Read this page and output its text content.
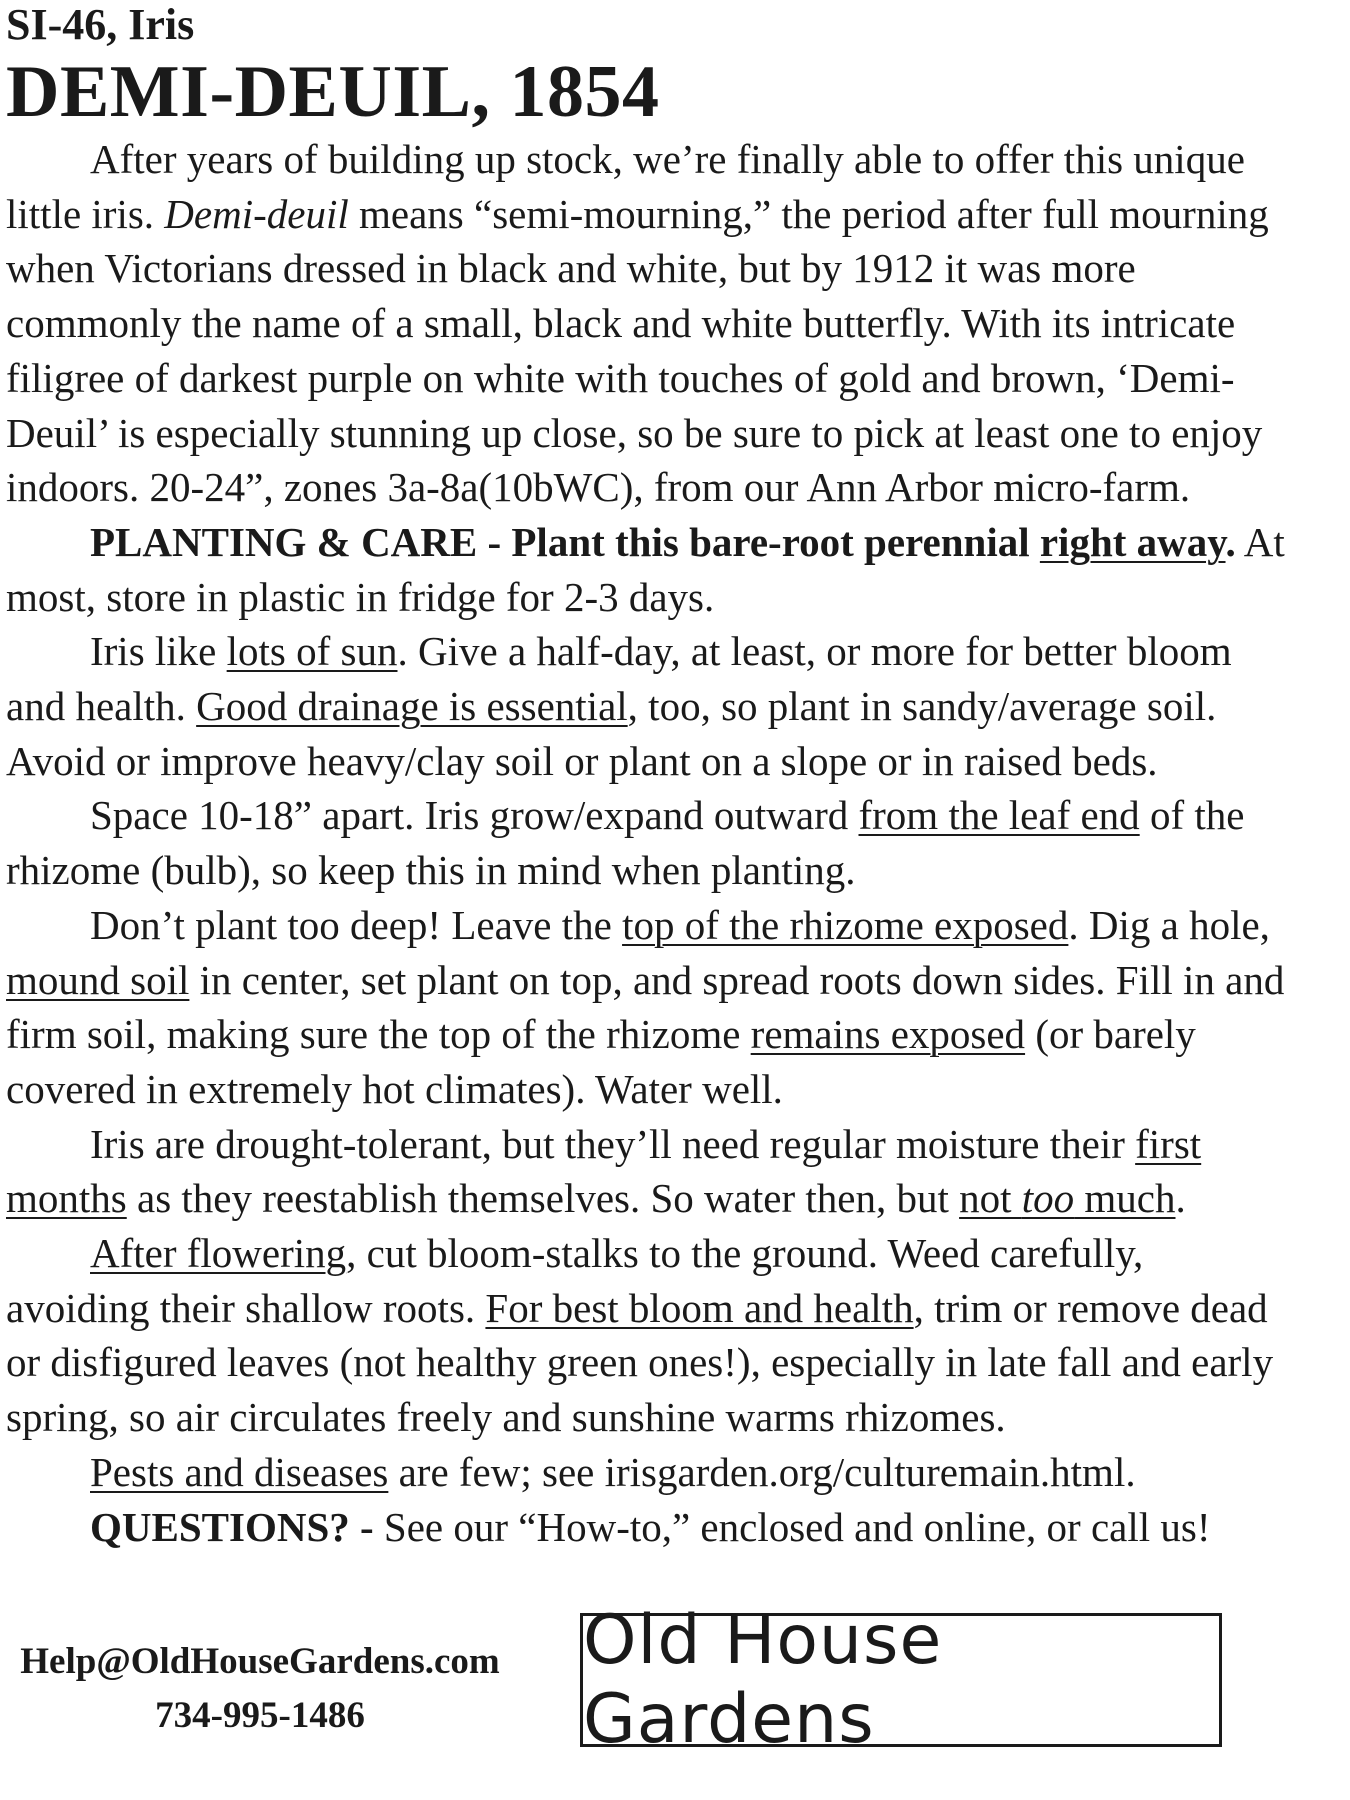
SI-46, Iris

DEMI-DEUIL, 1854

After years of building up stock, we’re finally able to offer this unique little iris. Demi-deuil means “semi-mourning,” the period after full mourning when Victorians dressed in black and white, but by 1912 it was more commonly the name of a small, black and white butterfly. With its intricate filigree of darkest purple on white with touches of gold and brown, ‘Demi-Deuil’ is especially stunning up close, so be sure to pick at least one to enjoy indoors. 20-24”, zones 3a-8a(10bWC), from our Ann Arbor micro-farm.

PLANTING & CARE - Plant this bare-root perennial right away. At most, store in plastic in fridge for 2-3 days.

Iris like lots of sun. Give a half-day, at least, or more for better bloom and health. Good drainage is essential, too, so plant in sandy/average soil. Avoid or improve heavy/clay soil or plant on a slope or in raised beds.

Space 10-18” apart. Iris grow/expand outward from the leaf end of the rhizome (bulb), so keep this in mind when planting.

Don’t plant too deep! Leave the top of the rhizome exposed. Dig a hole, mound soil in center, set plant on top, and spread roots down sides. Fill in and firm soil, making sure the top of the rhizome remains exposed (or barely covered in extremely hot climates). Water well.

Iris are drought-tolerant, but they’ll need regular moisture their first months as they reestablish themselves. So water then, but not too much.

After flowering, cut bloom-stalks to the ground. Weed carefully, avoiding their shallow roots. For best bloom and health, trim or remove dead or disfigured leaves (not healthy green ones!), especially in late fall and early spring, so air circulates freely and sunshine warms rhizomes.

Pests and diseases are few; see irisgarden.org/culturemain.html.

QUESTIONS? - See our “How-to,” enclosed and online, or call us!

Help@OldHouseGardens.com
734-995-1486
Old House Gardens
